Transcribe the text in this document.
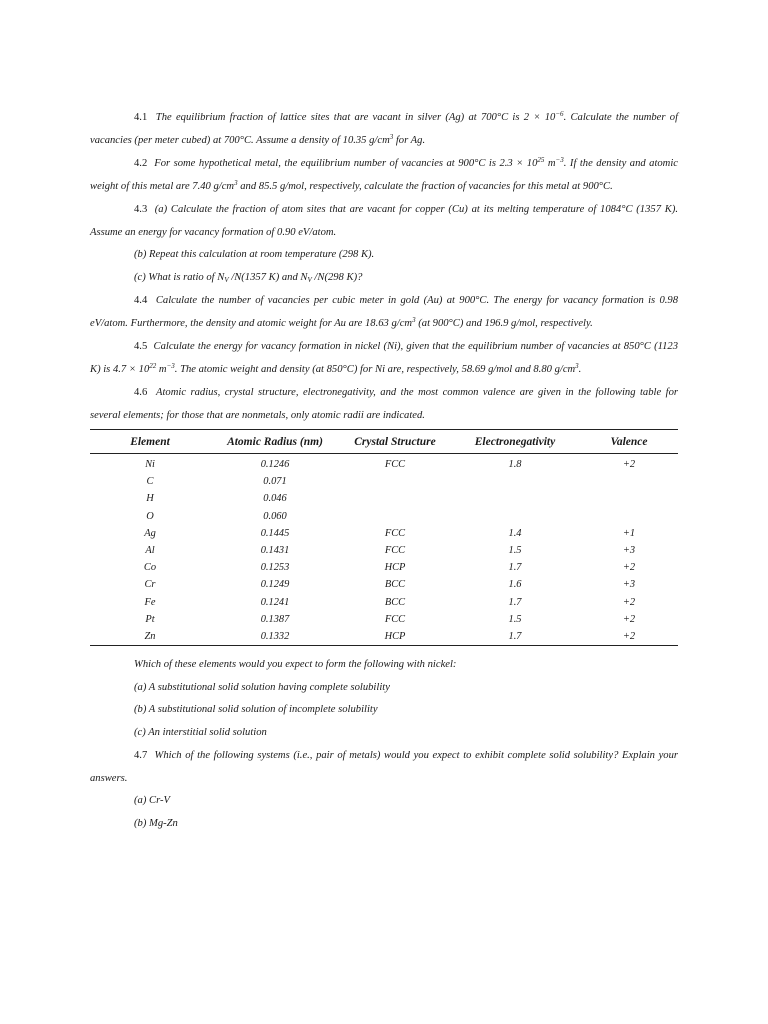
4.1 The equilibrium fraction of lattice sites that are vacant in silver (Ag) at 700°C is $2 \times 10^{-6}$. Calculate the number of vacancies (per meter cubed) at 700°C. Assume a density of 10.35 $g/cm^3$ for Ag.

4.2 For some hypothetical metal, the equilibrium number of vacancies at 900°C is $2.3 \times 10^{25}$ $m^{-3}$. If the density and atomic weight of this metal are 7.40 $g/cm^3$ and 85.5 g/mol, respectively, calculate the fraction of vacancies for this metal at 900°C.

4.3 (a) Calculate the fraction of atom sites that are vacant for copper (Cu) at its melting temperature of 1084°C (1357 K). Assume an energy for vacancy formation of 0.90 eV/atom.

(b) Repeat this calculation at room temperature (298 K).

(c) What is ratio of $N_V$ /N(1357 K) and $N_V$ /N(298 K)?

4.4 Calculate the number of vacancies per cubic meter in gold (Au) at 900°C. The energy for vacancy formation is 0.98 eV/atom. Furthermore, the density and atomic weight for Au are 18.63 $g/cm^3$ (at 900°C) and 196.9 g/mol, respectively.

4.5 Calculate the energy for vacancy formation in nickel (Ni), given that the equilibrium number of vacancies at 850°C (1123 K) is $4.7 \times 10^{22}$ $m^{-3}$. The atomic weight and density (at 850°C) for Ni are, respectively, 58.69 g/mol and 8.80 $g/cm^3$.

4.6 Atomic radius, crystal structure, electronegativity, and the most common valence are given in the following table for several elements; for those that are nonmetals, only atomic radii are indicated.

Element	Atomic Radius (nm)	Crystal Structure	Electronegativity	Valence
Ni	0.1246	FCC	1.8	+2
C	0.071			
H	0.046			
O	0.060			
Ag	0.1445	FCC	1.4	+1
Al	0.1431	FCC	1.5	+3
Co	0.1253	HCP	1.7	+2
Cr	0.1249	BCC	1.6	+3
Fe	0.1241	BCC	1.7	+2
Pt	0.1387	FCC	1.5	+2
Zn	0.1332	HCP	1.7	+2

Which of these elements would you expect to form the following with nickel:

(a) A substitutional solid solution having complete solubility

(b) A substitutional solid solution of incomplete solubility

(c) An interstitial solid solution

4.7 Which of the following systems (i.e., pair of metals) would you expect to exhibit complete solid solubility? Explain your answers.

(a) Cr-V

(b) Mg-Zn
